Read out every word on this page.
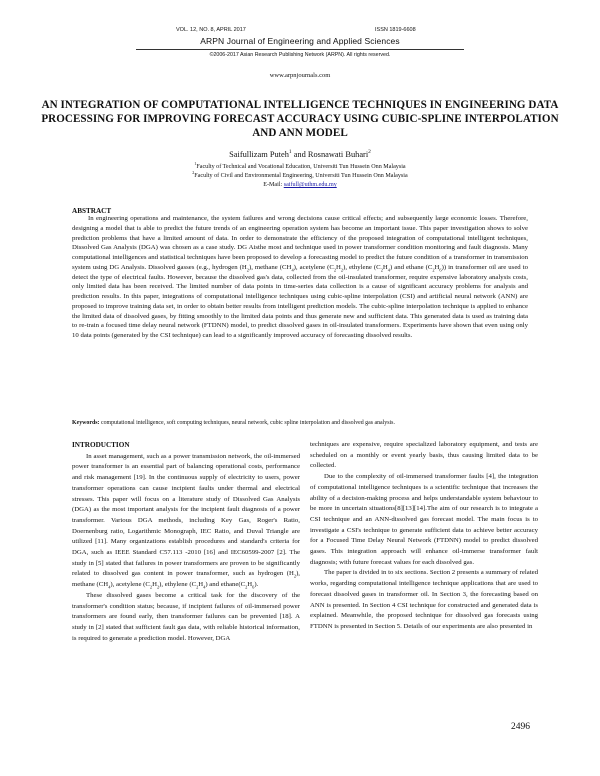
VOL. 12, NO. 8, APRIL 2017	ISSN 1819-6608
ARPN Journal of Engineering and Applied Sciences
©2006-2017 Asian Research Publishing Network (ARPN). All rights reserved.
www.arpnjournals.com
AN INTEGRATION OF COMPUTATIONAL INTELLIGENCE TECHNIQUES IN ENGINEERING DATA PROCESSING FOR IMPROVING FORECAST ACCURACY USING CUBIC-SPLINE INTERPOLATION AND ANN MODEL
Saifullizam Puteh$^1$ and Rosnawati Buhari$^2$
$^1$Faculty of Technical and Vocational Education, Universiti Tun Hussein Onn Malaysia
$^2$Faculty of Civil and Environmental Engineering, Universiti Tun Hussein Onn Malaysia
E-Mail: saifull@uthm.edu.my
ABSTRACT

In engineering operations and maintenance, the system failures and wrong decisions cause critical effects; and subsequently large economic losses. Therefore, designing a model that is able to predict the future trends of an engineering operation system has become an important issue. This paper investigation shows to solve prediction problems that have a limited amount of data. In order to demonstrate the efficiency of the proposed integration of computational intelligent techniques, Dissolved Gas Analysis (DGA) was chosen as a case study. DG Aisthe most and technique used in power transformer condition monitoring and fault diagnosis. Many computational intelligences and statistical techniques have been proposed to develop a forecasting model to predict the future condition of a transformer in transmission system using DG Analysis. Dissolved gasses (e.g., hydrogen $(H_2)$, methane $(CH_4)$, acetylene $(C_2H_2)$, ethylene $(C_2H_4)$ and ethane $(C_2H_6)$) in transformer oil are used to detect the type of electrical faults. However, because the dissolved gas's data, collected from the oil-insulated transformer, require expensive laboratory analysis costs, only limited data has been received. The limited number of data points in time-series data collection is a cause of significant accuracy problems for analysis and prediction results. In this paper, integrations of computational intelligence techniques using cubic-spline interpolation (CSI) and artificial neural network (ANN) are proposed to improve training data set, in order to obtain better results from intelligent prediction models. The cubic-spline interpolation technique is applied to enhance the limited data of dissolved gases, by fitting smoothly to the limited data points and thus generate new and sufficient data. This generated data is used as training data to re-train a focused time delay neural network (FTDNN) model, to predict dissolved gases in oil-insulated transformers. Experiments have shown that even using only 10 data points (generated by the CSI technique) can lead to a significantly improved accuracy of forecasting dissolved results.

Keywords: computational intelligence, soft computing techniques, neural network, cubic spline interpolation and dissolved gas analysis.
INTRODUCTION

In asset management, such as a power transmission network, the oil-immersed power transformer is an essential part of balancing operational costs, performance and risk management [19]. In the continuous supply of electricity to users, power transformer operations can cause incipient faults under thermal and electrical stresses. This paper will focus on a literature study of Dissolved Gas Analysis (DGA) as the most important analysis for the incipient fault diagnosis of a power transformer. Various DGA methods, including Key Gas, Roger's Ratio, Doernenburg ratio, Logarithmic Monograph, IEC Ratio, and Duval Triangle are utilized [11]. Many organizations establish procedures and standard's criteria for DGA, such as IEEE Standard C57.113 -2010 [16] and IEC60599-2007 [2]. The study in [5] stated that failures in power transformers are proven to be significantly related to dissolved gas content in power transformer, such as hydrogen $(H_2)$, methane $(CH_4)$, acetylene $(C_2H_2)$, ethylene $(C_2H_4)$ and $ethane(C_2H_6)$.

These dissolved gases become a critical task for the discovery of the transformer's condition status; because, if incipient failures of oil-immersed power transformers are found early, then transformer failures can be prevented [18]. A study in [2] stated that sufficient fault gas data, with reliable historical information, is required to generate a prediction model. However, DGA

techniques are expensive, require specialized laboratory equipment, and tests are scheduled on a monthly or event yearly basis, thus causing limited data to be collected.

Due to the complexity of oil-immersed transformer faults [4], the integration of computational intelligence techniques is a scientific technique that increases the ability of a decision-making process and helps understandable system behaviour to be more in uncertain situations[8][13][14].The aim of our research is to integrate a CSI technique and an ANN-dissolved gas forecast model. The main focus is to investigate a CSI's technique to generate sufficient data to achieve better accuracy for a Focused Time Delay Neural Network (FTDNN) model to predict dissolved gases. This integration approach will enhance oil-immerse transformer fault diagnosis; with future forecast values for each dissolved gas.

The paper is divided in to six sections. Section 2 presents a summary of related works, regarding computational intelligence technique applications that are used to forecast dissolved gases in transformer oil. In Section 3, the forecasting based on ANN is presented. In Section 4 CSI technique for constructed and generated data is explained. Meanwhile, the proposed technique for dissolved gas forecasts using FTDNN is presented in Section 5. Details of our experiments are also presented in

2496
